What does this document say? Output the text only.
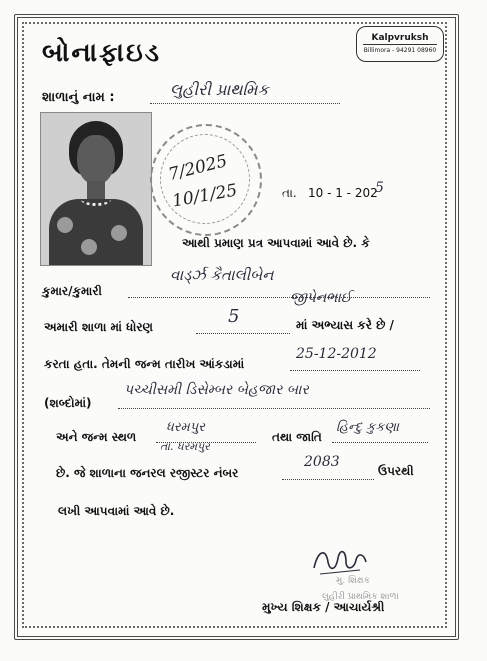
બોનાફાઇડ	Kalpvruksh
Billimora - 94291 08960
શાળાનું નામ :	લુહીરી પ્રાથમિક
7/2025
10/1/25	તા. 10 - 1 - 202
5
આથી પ્રમાણ પ્રત્ર આપવામાં આવે છે. કે
કુમાર/કુમારી
વાર્ડ્ઝ કૈતાલીબેન
જીપેનભાઈ
અમારી શાળા માં ધોરણ	5	માં અભ્યાસ કરે છે /
કરતા હતા. તેમની જન્મ તારીખ આંકડામાં
25-12-2012
(શબ્દોમાં)
પચ્ચીસમી ડિસેમ્બર બેહજાર બાર
અને જન્મ સ્થળ
ધરમપુર
તા. ધરમપુર
તથા જાતિ
હિન્દુ કુકણા
છે. જે શાળાના જનરલ રજીસ્ટર નંબર
2083
ઉપરથી
લખી આપવામાં આવે છે.
મુ. શિક્ષક
લુહીરી પ્રાથમિક શાળા
મુખ્ય શિક્ષક / આચાર્યશ્રી
